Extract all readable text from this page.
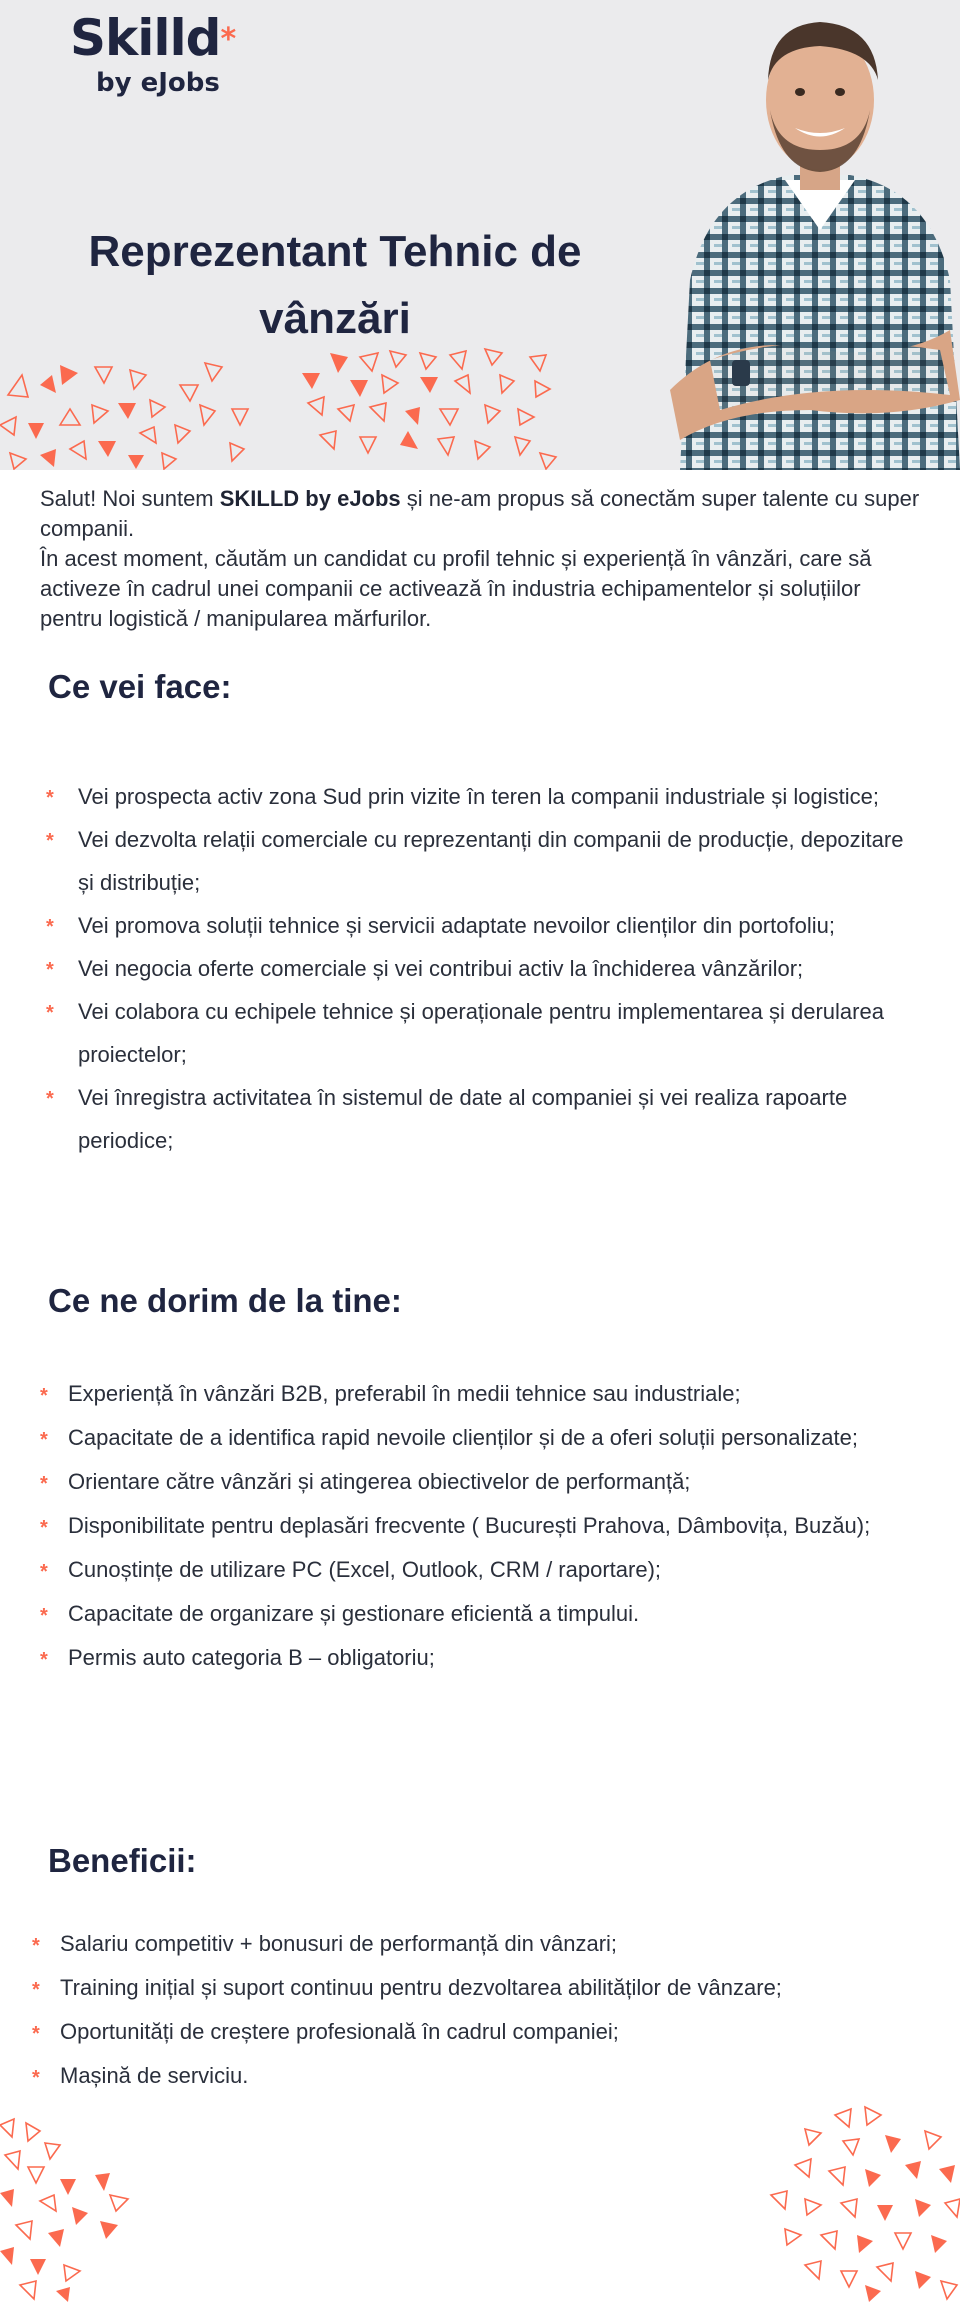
Skilld*
by eJobs
Reprezentant Tehnic de vânzări

Salut! Noi suntem SKILLD by eJobs și ne-am propus să conectăm super talente cu super companii.

În acest moment, căutăm un candidat cu profil tehnic și experiență în vânzări, care să activeze în cadrul unei companii ce activează în industria echipamentelor și soluțiilor pentru logistică / manipularea mărfurilor.

Ce vei face:
* Vei prospecta activ zona Sud prin vizite în teren la companii industriale și logistice;
* Vei dezvolta relații comerciale cu reprezentanți din companii de producție, depozitare și distribuție;
* Vei promova soluții tehnice și servicii adaptate nevoilor clienților din portofoliu;
* Vei negocia oferte comerciale și vei contribui activ la închiderea vânzărilor;
* Vei colabora cu echipele tehnice și operaționale pentru implementarea și derularea proiectelor;
* Vei înregistra activitatea în sistemul de date al companiei și vei realiza rapoarte periodice;
Ce ne dorim de la tine:
* Experiență în vânzări B2B, preferabil în medii tehnice sau industriale;
* Capacitate de a identifica rapid nevoile clienților și de a oferi soluții personalizate;
* Orientare către vânzări și atingerea obiectivelor de performanță;
* Disponibilitate pentru deplasări frecvente ( București Prahova, Dâmbovița, Buzău);
* Cunoștințe de utilizare PC (Excel, Outlook, CRM / raportare);
* Capacitate de organizare și gestionare eficientă a timpului.
* Permis auto categoria B – obligatoriu;
Beneficii:
* Salariu competitiv + bonusuri de performanță din vânzari;
* Training inițial și suport continuu pentru dezvoltarea abilităților de vânzare;
* Oportunități de creștere profesională în cadrul companiei;
* Mașină de serviciu.
